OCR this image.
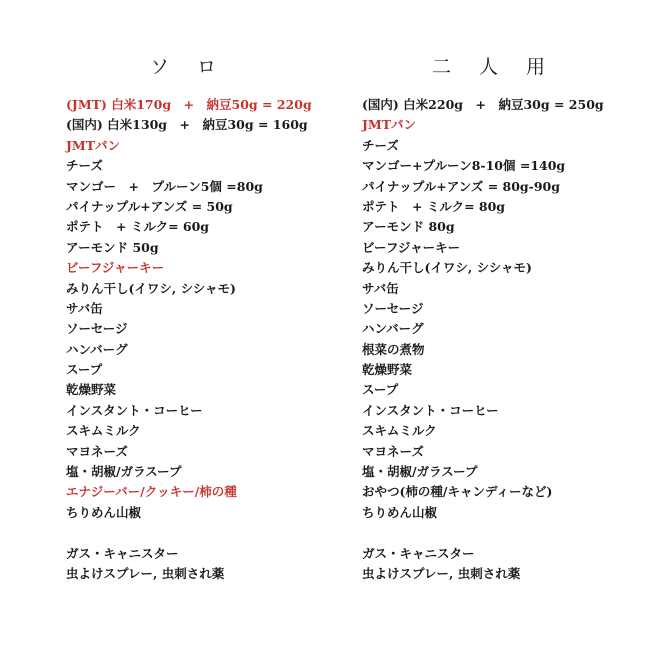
ソロ
(JMT) 白米170g　+　納豆50g = 220g
(国内) 白米130g　+　納豆30g = 160g
JMTパン
チーズ
マンゴー　+　プルーン5個 =80g
パイナップル+アンズ = 50g
ポテト　+ ミルク= 60g
アーモンド 50g
ビーフジャーキー
みりん干し(イワシ, シシャモ)
サバ缶
ソーセージ
ハンバーグ
スープ
乾燥野菜
インスタント・コーヒー
スキムミルク
マヨネーズ
塩・胡椒/ガラスープ
エナジーバー/クッキー/柿の種
ちりめん山椒
ガス・キャニスター
虫よけスプレー, 虫刺され薬
二人用
(国内) 白米220g　+　納豆30g = 250g
JMTパン
チーズ
マンゴー+プルーン8-10個 =140g
パイナップル+アンズ = 80g-90g
ポテト　+ ミルク= 80g
アーモンド 80g
ビーフジャーキー
みりん干し(イワシ, シシャモ)
サバ缶
ソーセージ
ハンバーグ
根菜の煮物
乾燥野菜
スープ
インスタント・コーヒー
スキムミルク
マヨネーズ
塩・胡椒/ガラスープ
おやつ(柿の種/キャンディーなど)
ちりめん山椒
ガス・キャニスター
虫よけスプレー, 虫刺され薬
